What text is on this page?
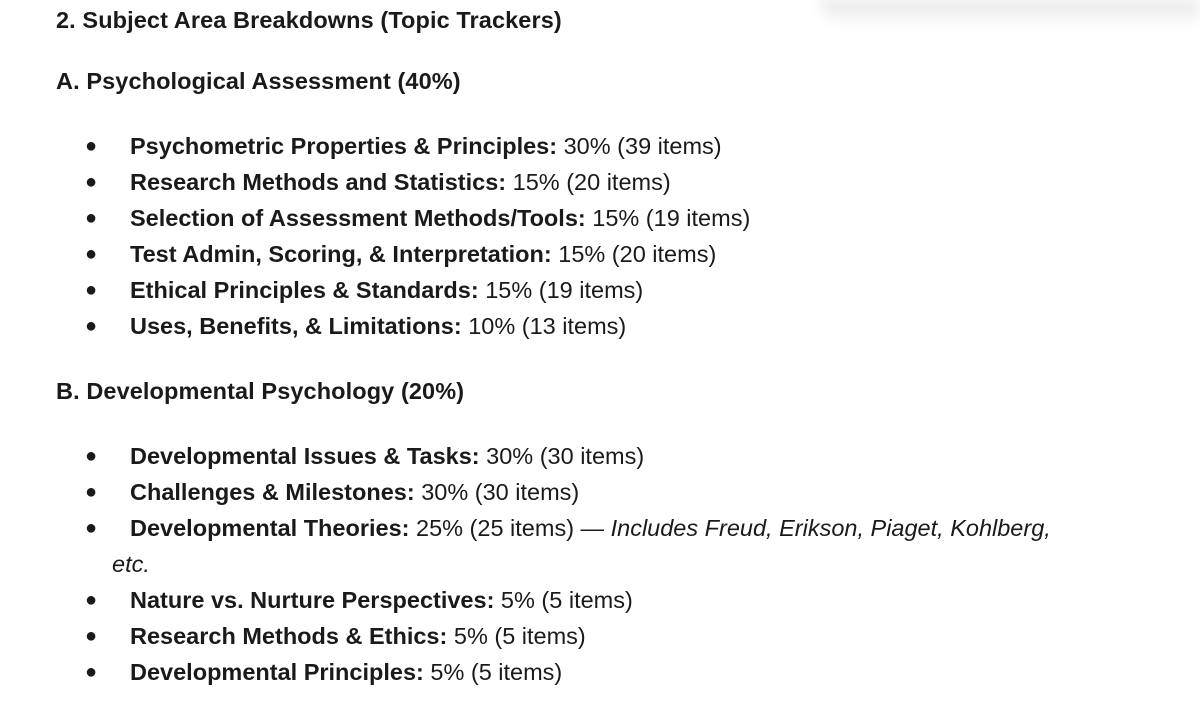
2. Subject Area Breakdowns (Topic Trackers)
A. Psychological Assessment (40%)
● Psychometric Properties & Principles: 30% (39 items)
● Research Methods and Statistics: 15% (20 items)
● Selection of Assessment Methods/Tools: 15% (19 items)
● Test Admin, Scoring, & Interpretation: 15% (20 items)
● Ethical Principles & Standards: 15% (19 items)
● Uses, Benefits, & Limitations: 10% (13 items)
B. Developmental Psychology (20%)
● Developmental Issues & Tasks: 30% (30 items)
● Challenges & Milestones: 30% (30 items)
● Developmental Theories: 25% (25 items) — Includes Freud, Erikson, Piaget, Kohlberg,
etc.
● Nature vs. Nurture Perspectives: 5% (5 items)
● Research Methods & Ethics: 5% (5 items)
● Developmental Principles: 5% (5 items)
